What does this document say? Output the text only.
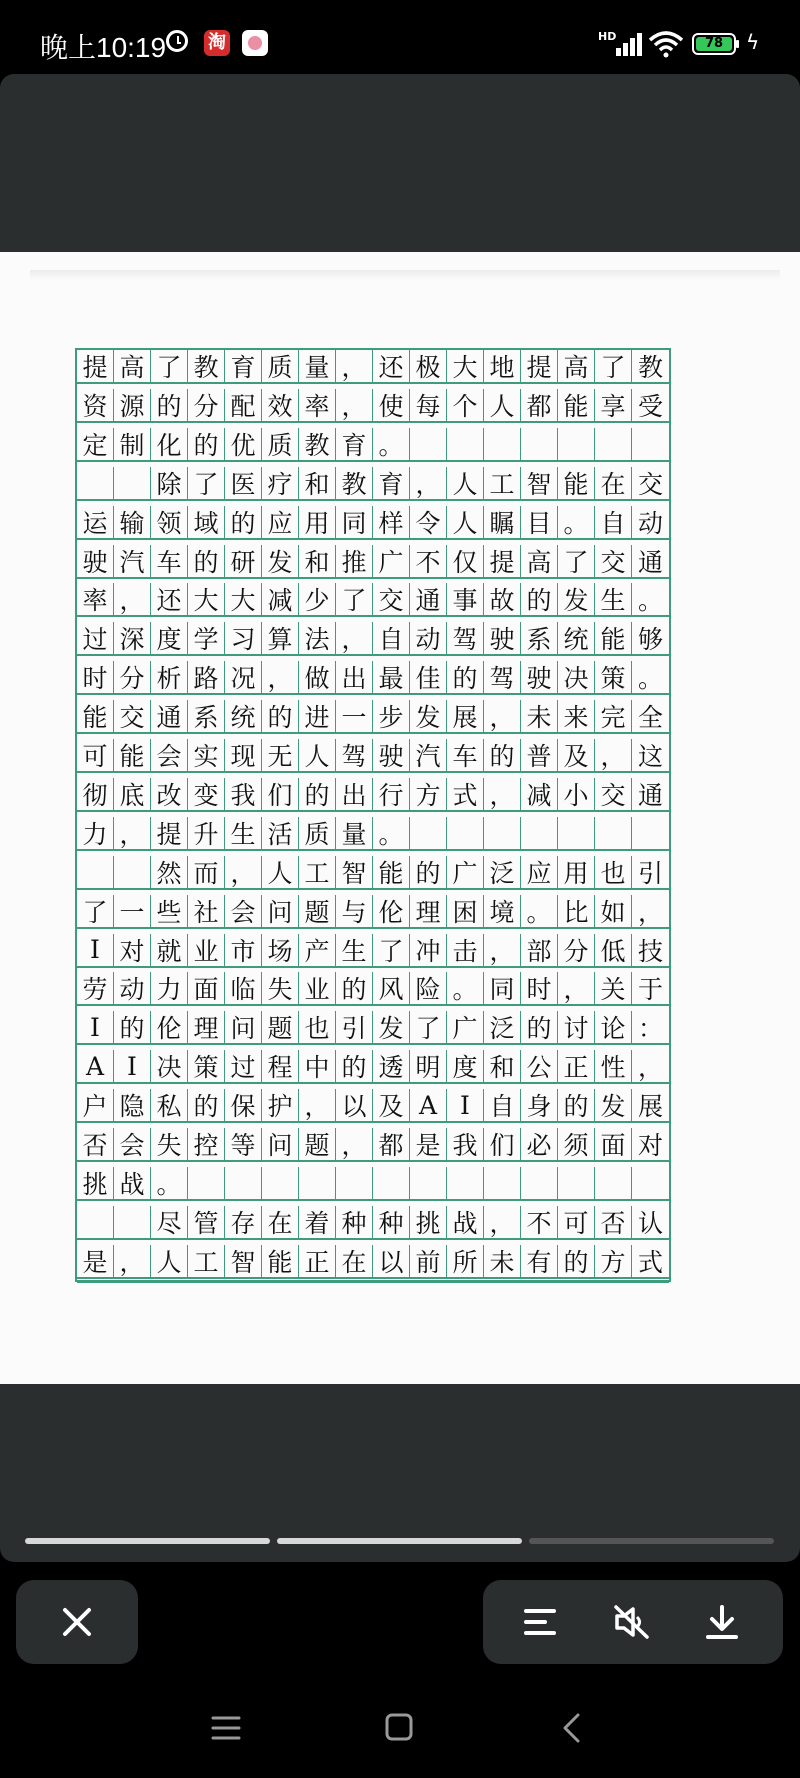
晚上10:19 淘	HD	78	ϟ
提 高 了 教 育 质 量 ， 还 极 大 地 提 高 了 教
资 源 的 分 配 效 率 ， 使 每 个 人 都 能 享 受
定 制 化 的 优 质 教 育 。
除 了 医 疗 和 教 育 ， 人 工 智 能 在 交
运 输 领 域 的 应 用 同 样 令 人 瞩 目 。 自 动
驶 汽 车 的 研 发 和 推 广 不 仅 提 高 了 交 通
率 ， 还 大 大 减 少 了 交 通 事 故 的 发 生 。
过 深 度 学 习 算 法 ， 自 动 驾 驶 系 统 能 够
时 分 析 路 况 ， 做 出 最 佳 的 驾 驶 决 策 。
能 交 通 系 统 的 进 一 步 发 展 ， 未 来 完 全
可 能 会 实 现 无 人 驾 驶 汽 车 的 普 及 ， 这
彻 底 改 变 我 们 的 出 行 方 式 ， 减 小 交 通
力 ， 提 升 生 活 质 量 。
然 而 ， 人 工 智 能 的 广 泛 应 用 也 引
了 一 些 社 会 问 题 与 伦 理 困 境 。 比 如 ，
I 对 就 业 市 场 产 生 了 冲 击 ， 部 分 低 技
劳 动 力 面 临 失 业 的 风 险 。 同 时 ， 关 于
I 的 伦 理 问 题 也 引 发 了 广 泛 的 讨 论 ：
A I 决 策 过 程 中 的 透 明 度 和 公 正 性 ，
户 隐 私 的 保 护 ， 以 及 A I 自 身 的 发 展
否 会 失 控 等 问 题 ， 都 是 我 们 必 须 面 对
挑 战 。
尽 管 存 在 着 种 种 挑 战 ， 不 可 否 认
是 ， 人 工 智 能 正 在 以 前 所 未 有 的 方 式
